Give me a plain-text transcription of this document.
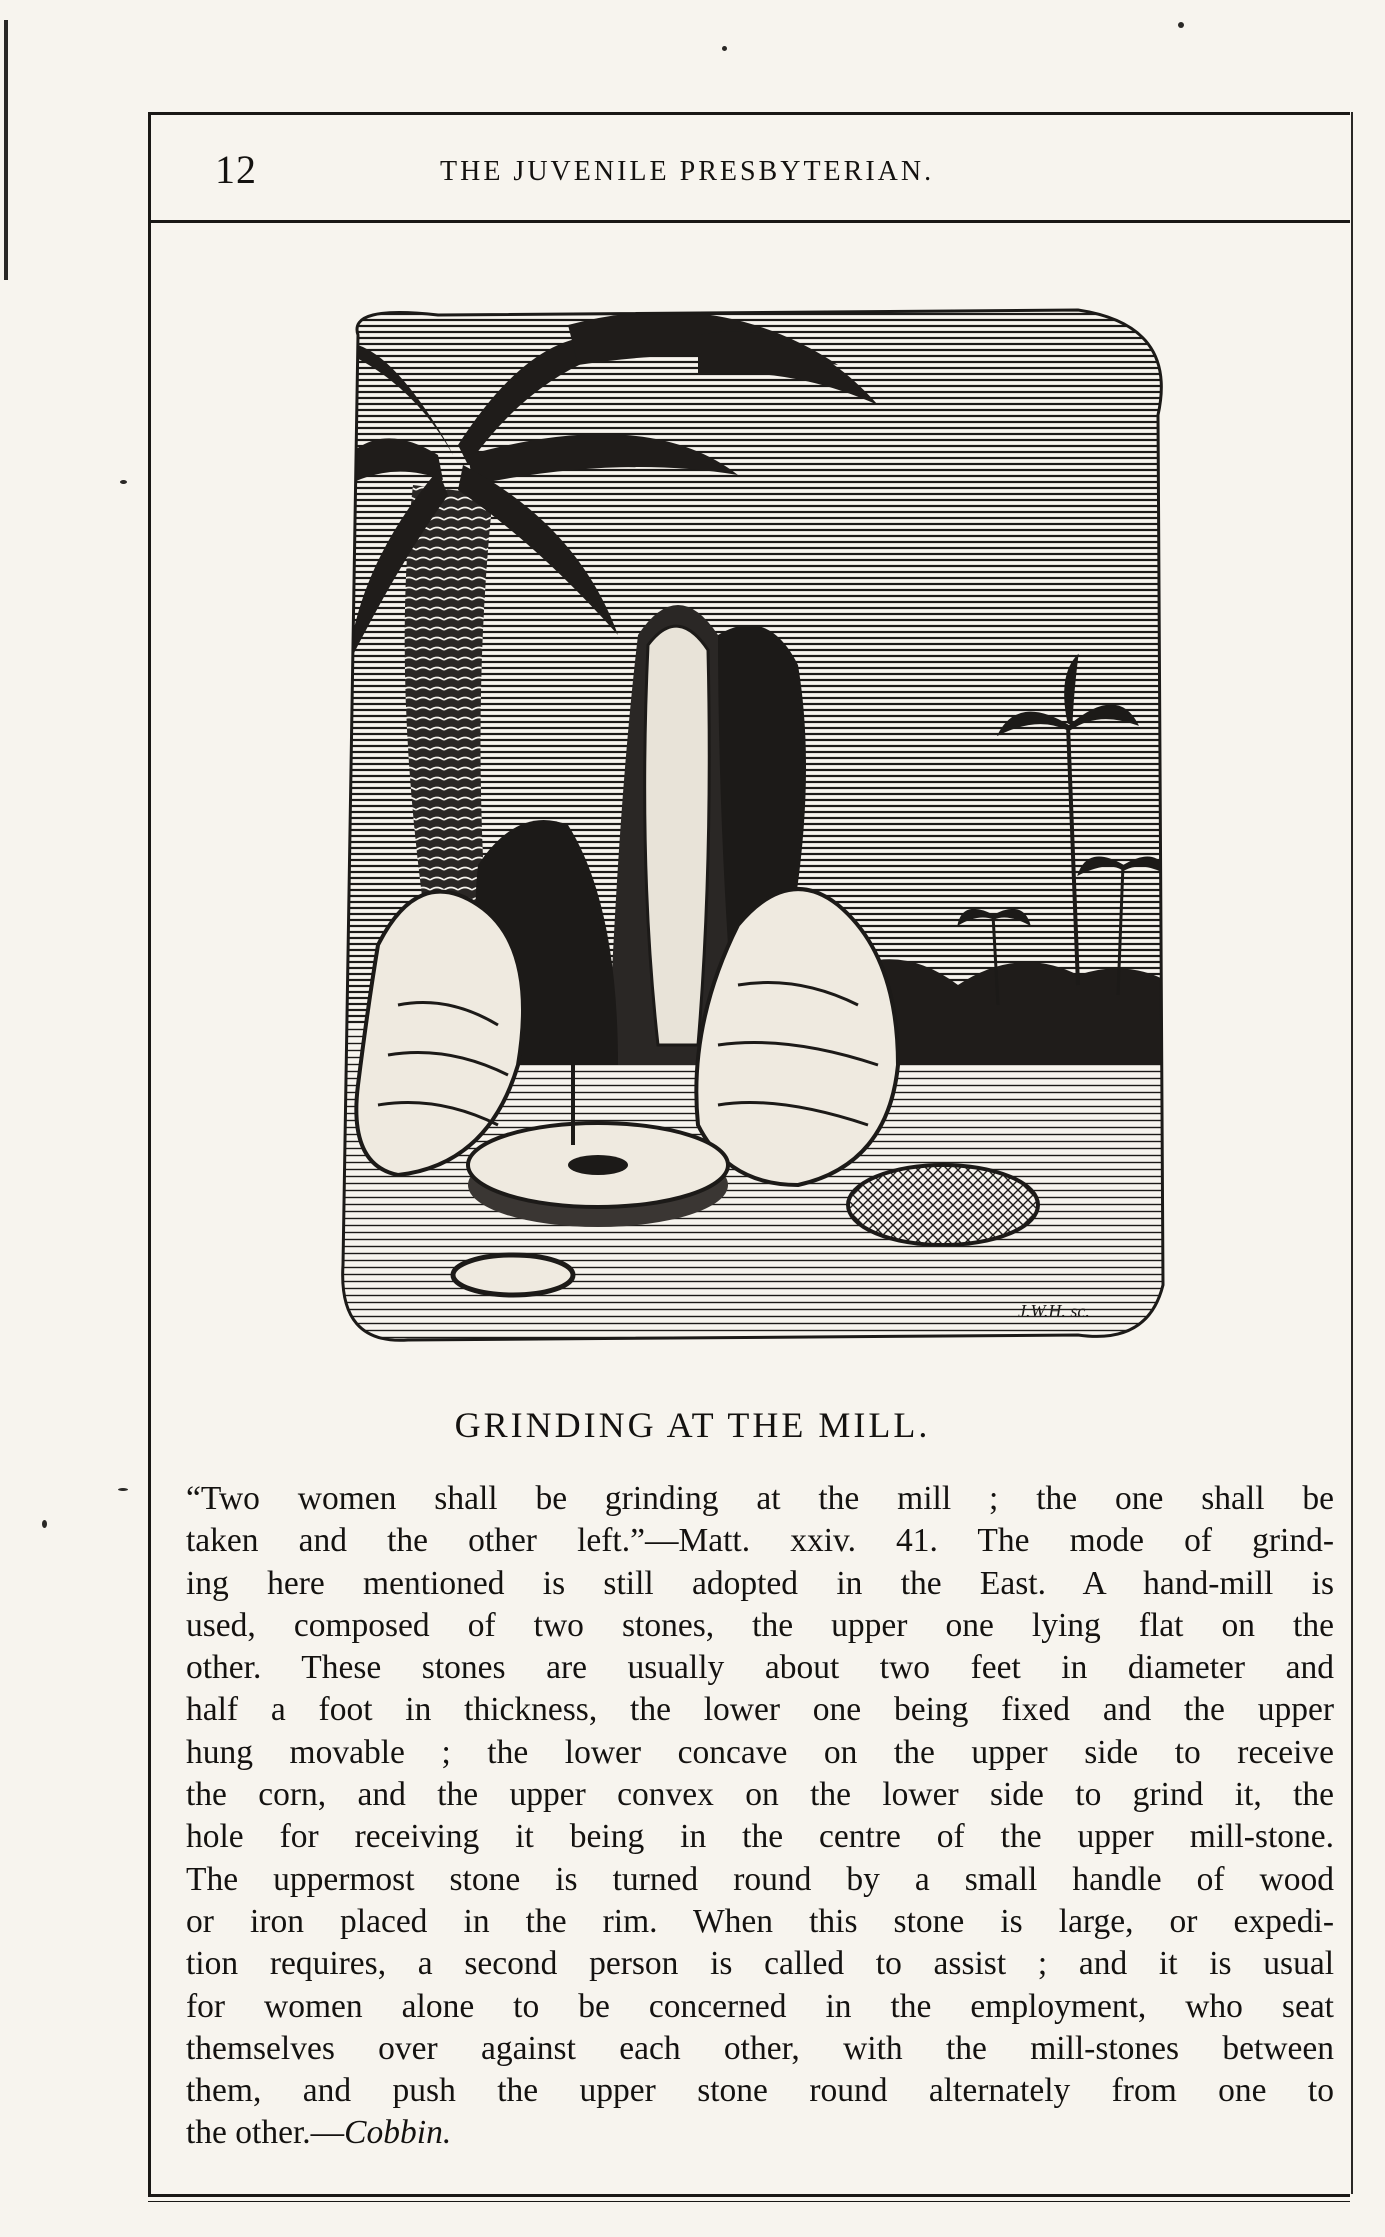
12	THE JUVENILE PRESBYTERIAN.
J.W.H. sc.
GRINDING AT THE MILL.
“Two women shall be grinding at the mill ; the one shall be
taken and the other left.”—Matt. xxiv. 41. The mode of grind-
ing here mentioned is still adopted in the East. A hand-mill is
used, composed of two stones, the upper one lying flat on the
other. These stones are usually about two feet in diameter and
half a foot in thickness, the lower one being fixed and the upper
hung movable ; the lower concave on the upper side to receive
the corn, and the upper convex on the lower side to grind it, the
hole for receiving it being in the centre of the upper mill-stone.
The uppermost stone is turned round by a small handle of wood
or iron placed in the rim. When this stone is large, or expedi-
tion requires, a second person is called to assist ; and it is usual
for women alone to be concerned in the employment, who seat
themselves over against each other, with the mill-stones between
them, and push the upper stone round alternately from one to
the other.—Cobbin.
